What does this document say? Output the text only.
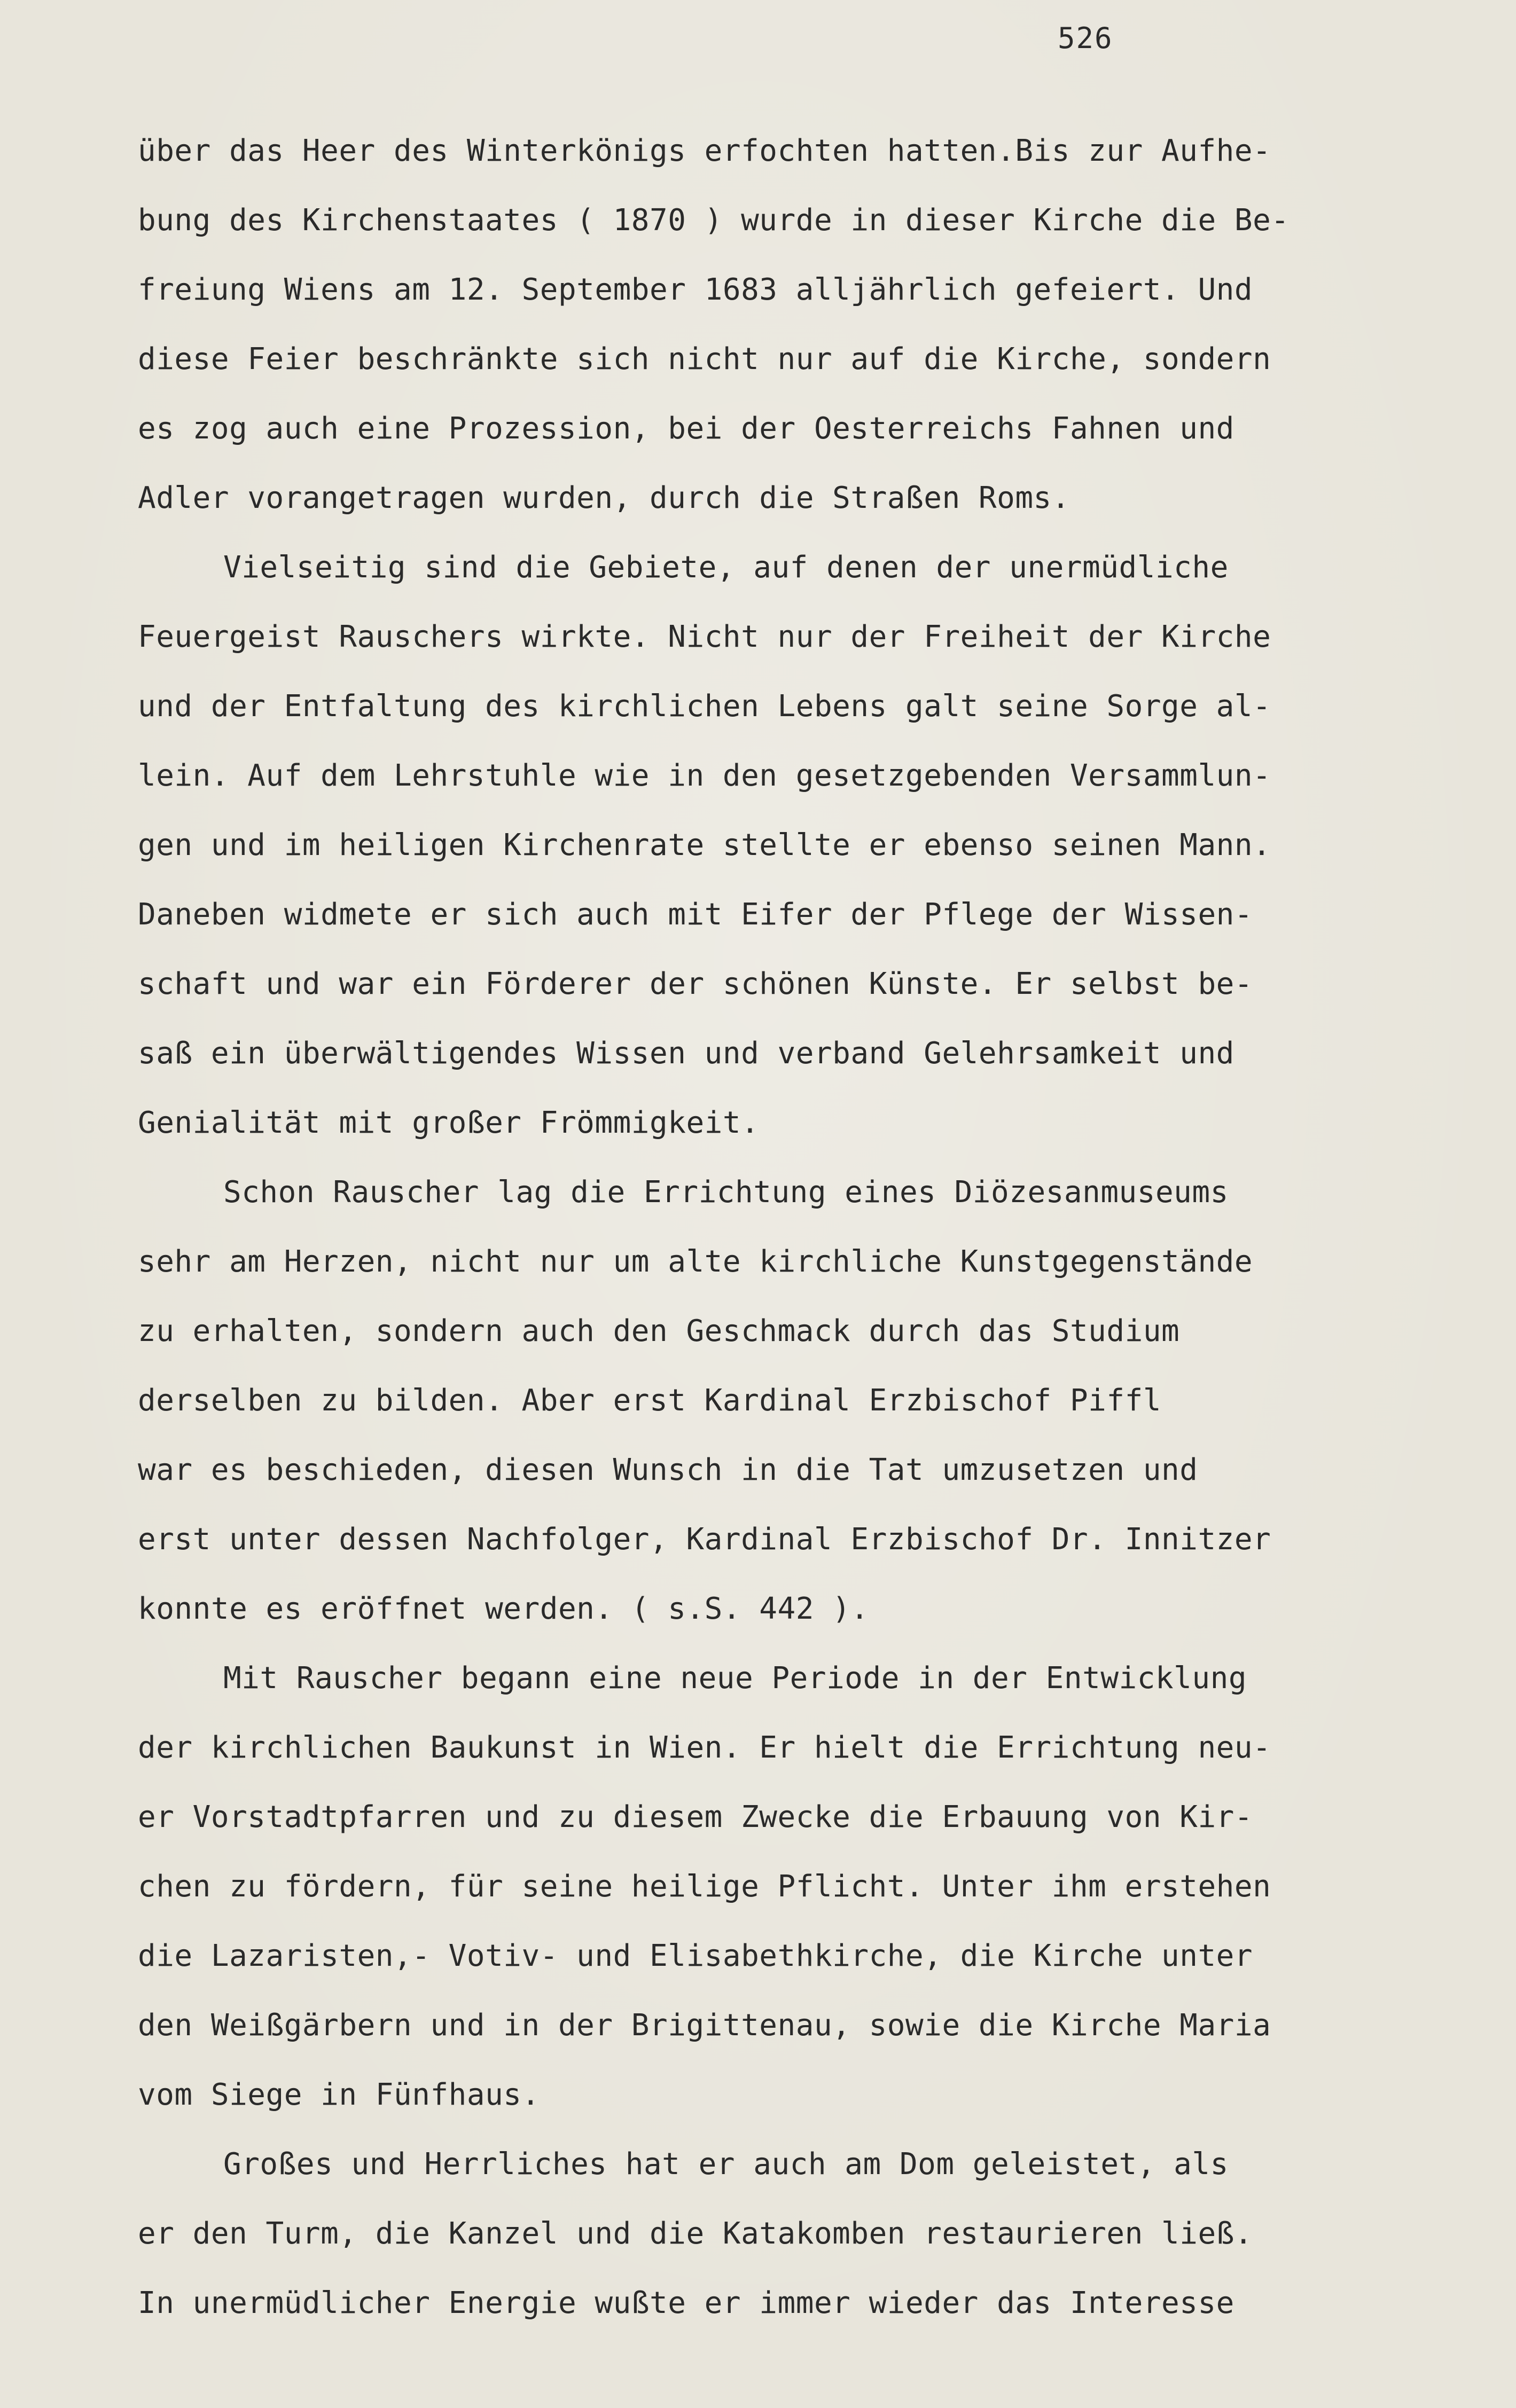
526
über das Heer des Winterkönigs erfochten hatten.Bis zur Aufhe-
bung des Kirchenstaates ( 1870 ) wurde in dieser Kirche die Be-
freiung Wiens am 12. September 1683 alljährlich gefeiert. Und
diese Feier beschränkte sich nicht nur auf die Kirche, sondern
es zog auch eine Prozession, bei der Oesterreichs Fahnen und
Adler vorangetragen wurden, durch die Straßen Roms.
Vielseitig sind die Gebiete, auf denen der unermüdliche
Feuergeist Rauschers wirkte. Nicht nur der Freiheit der Kirche
und der Entfaltung des kirchlichen Lebens galt seine Sorge al-
lein. Auf dem Lehrstuhle wie in den gesetzgebenden Versammlun-
gen und im heiligen Kirchenrate stellte er ebenso seinen Mann.
Daneben widmete er sich auch mit Eifer der Pflege der Wissen-
schaft und war ein Förderer der schönen Künste. Er selbst be-
saß ein überwältigendes Wissen und verband Gelehrsamkeit und
Genialität mit großer Frömmigkeit.
Schon Rauscher lag die Errichtung eines Diözesanmuseums
sehr am Herzen, nicht nur um alte kirchliche Kunstgegenstände
zu erhalten, sondern auch den Geschmack durch das Studium
derselben zu bilden. Aber erst Kardinal Erzbischof Piffl
war es beschieden, diesen Wunsch in die Tat umzusetzen und
erst unter dessen Nachfolger, Kardinal Erzbischof Dr. Innitzer
konnte es eröffnet werden. ( s.S. 442 ).
Mit Rauscher begann eine neue Periode in der Entwicklung
der kirchlichen Baukunst in Wien. Er hielt die Errichtung neu-
er Vorstadtpfarren und zu diesem Zwecke die Erbauung von Kir-
chen zu fördern, für seine heilige Pflicht. Unter ihm erstehen
die Lazaristen,- Votiv- und Elisabethkirche, die Kirche unter
den Weißgärbern und in der Brigittenau, sowie die Kirche Maria
vom Siege in Fünfhaus.
Großes und Herrliches hat er auch am Dom geleistet, als
er den Turm, die Kanzel und die Katakomben restaurieren ließ.
In unermüdlicher Energie wußte er immer wieder das Interesse
